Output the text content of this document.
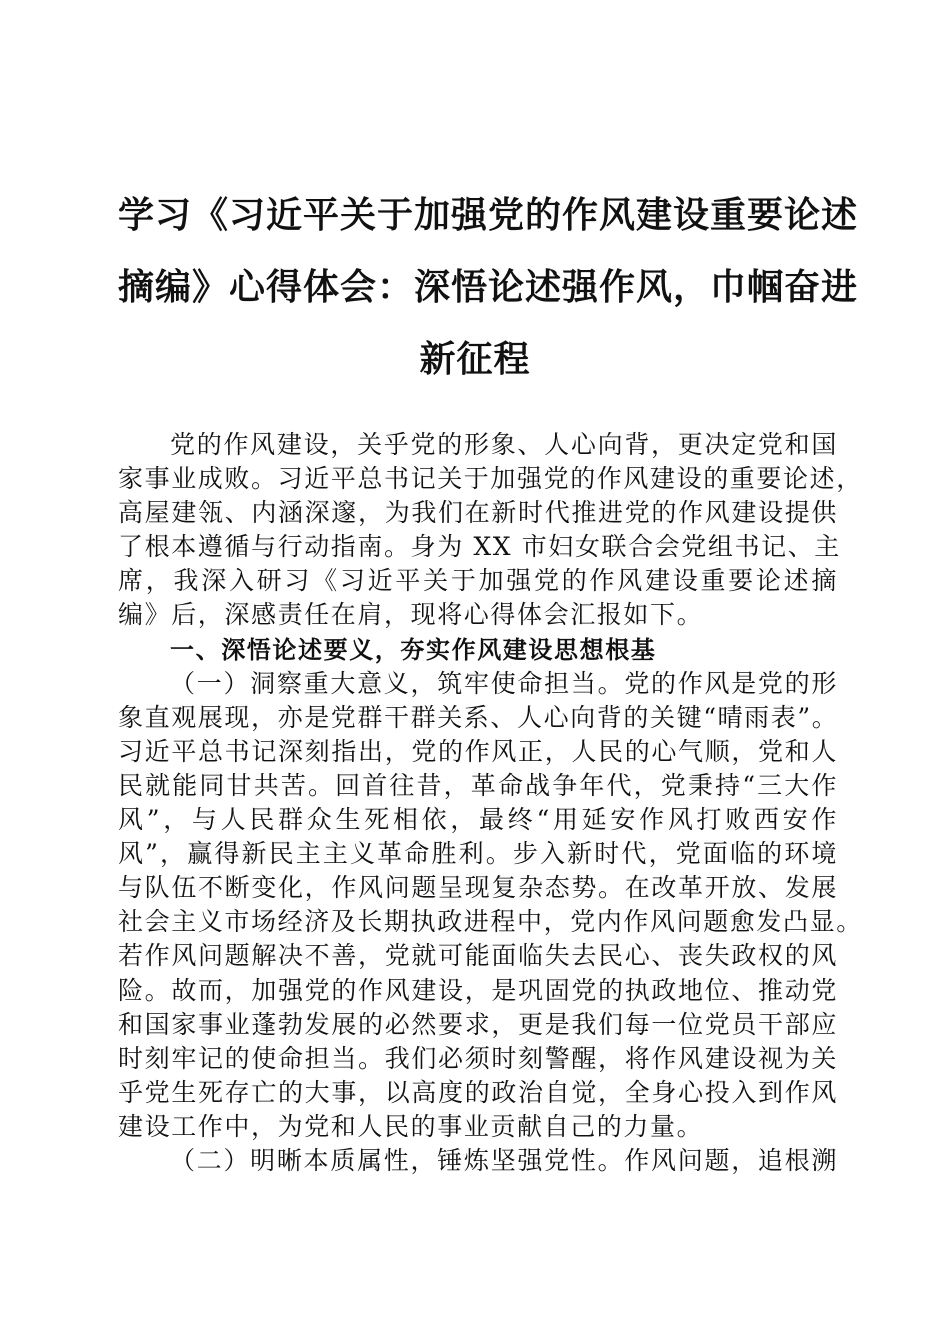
学习《习近平关于加强党的作风建设重要论述
摘编》心得体会：深悟论述强作风，巾帼奋进
新征程
党的作风建设，关乎党的形象、人心向背，更决定党和国
家事业成败。习近平总书记关于加强党的作风建设的重要论述，
高屋建瓴、内涵深邃，为我们在新时代推进党的作风建设提供
了根本遵循与行动指南。身为 XX 市妇女联合会党组书记、主
席，我深入研习《习近平关于加强党的作风建设重要论述摘
编》后，深感责任在肩，现将心得体会汇报如下。
一、深悟论述要义，夯实作风建设思想根基
（一）洞察重大意义，筑牢使命担当。党的作风是党的形
象直观展现，亦是党群干群关系、人心向背的关键“晴雨表”。
习近平总书记深刻指出，党的作风正，人民的心气顺，党和人
民就能同甘共苦。回首往昔，革命战争年代，党秉持“三大作
风”，与人民群众生死相依，最终“用延安作风打败西安作
风”，赢得新民主主义革命胜利。步入新时代，党面临的环境
与队伍不断变化，作风问题呈现复杂态势。在改革开放、发展
社会主义市场经济及长期执政进程中，党内作风问题愈发凸显。
若作风问题解决不善，党就可能面临失去民心、丧失政权的风
险。故而，加强党的作风建设，是巩固党的执政地位、推动党
和国家事业蓬勃发展的必然要求，更是我们每一位党员干部应
时刻牢记的使命担当。我们必须时刻警醒，将作风建设视为关
乎党生死存亡的大事，以高度的政治自觉，全身心投入到作风
建设工作中，为党和人民的事业贡献自己的力量。
（二）明晰本质属性，锤炼坚强党性。作风问题，追根溯
